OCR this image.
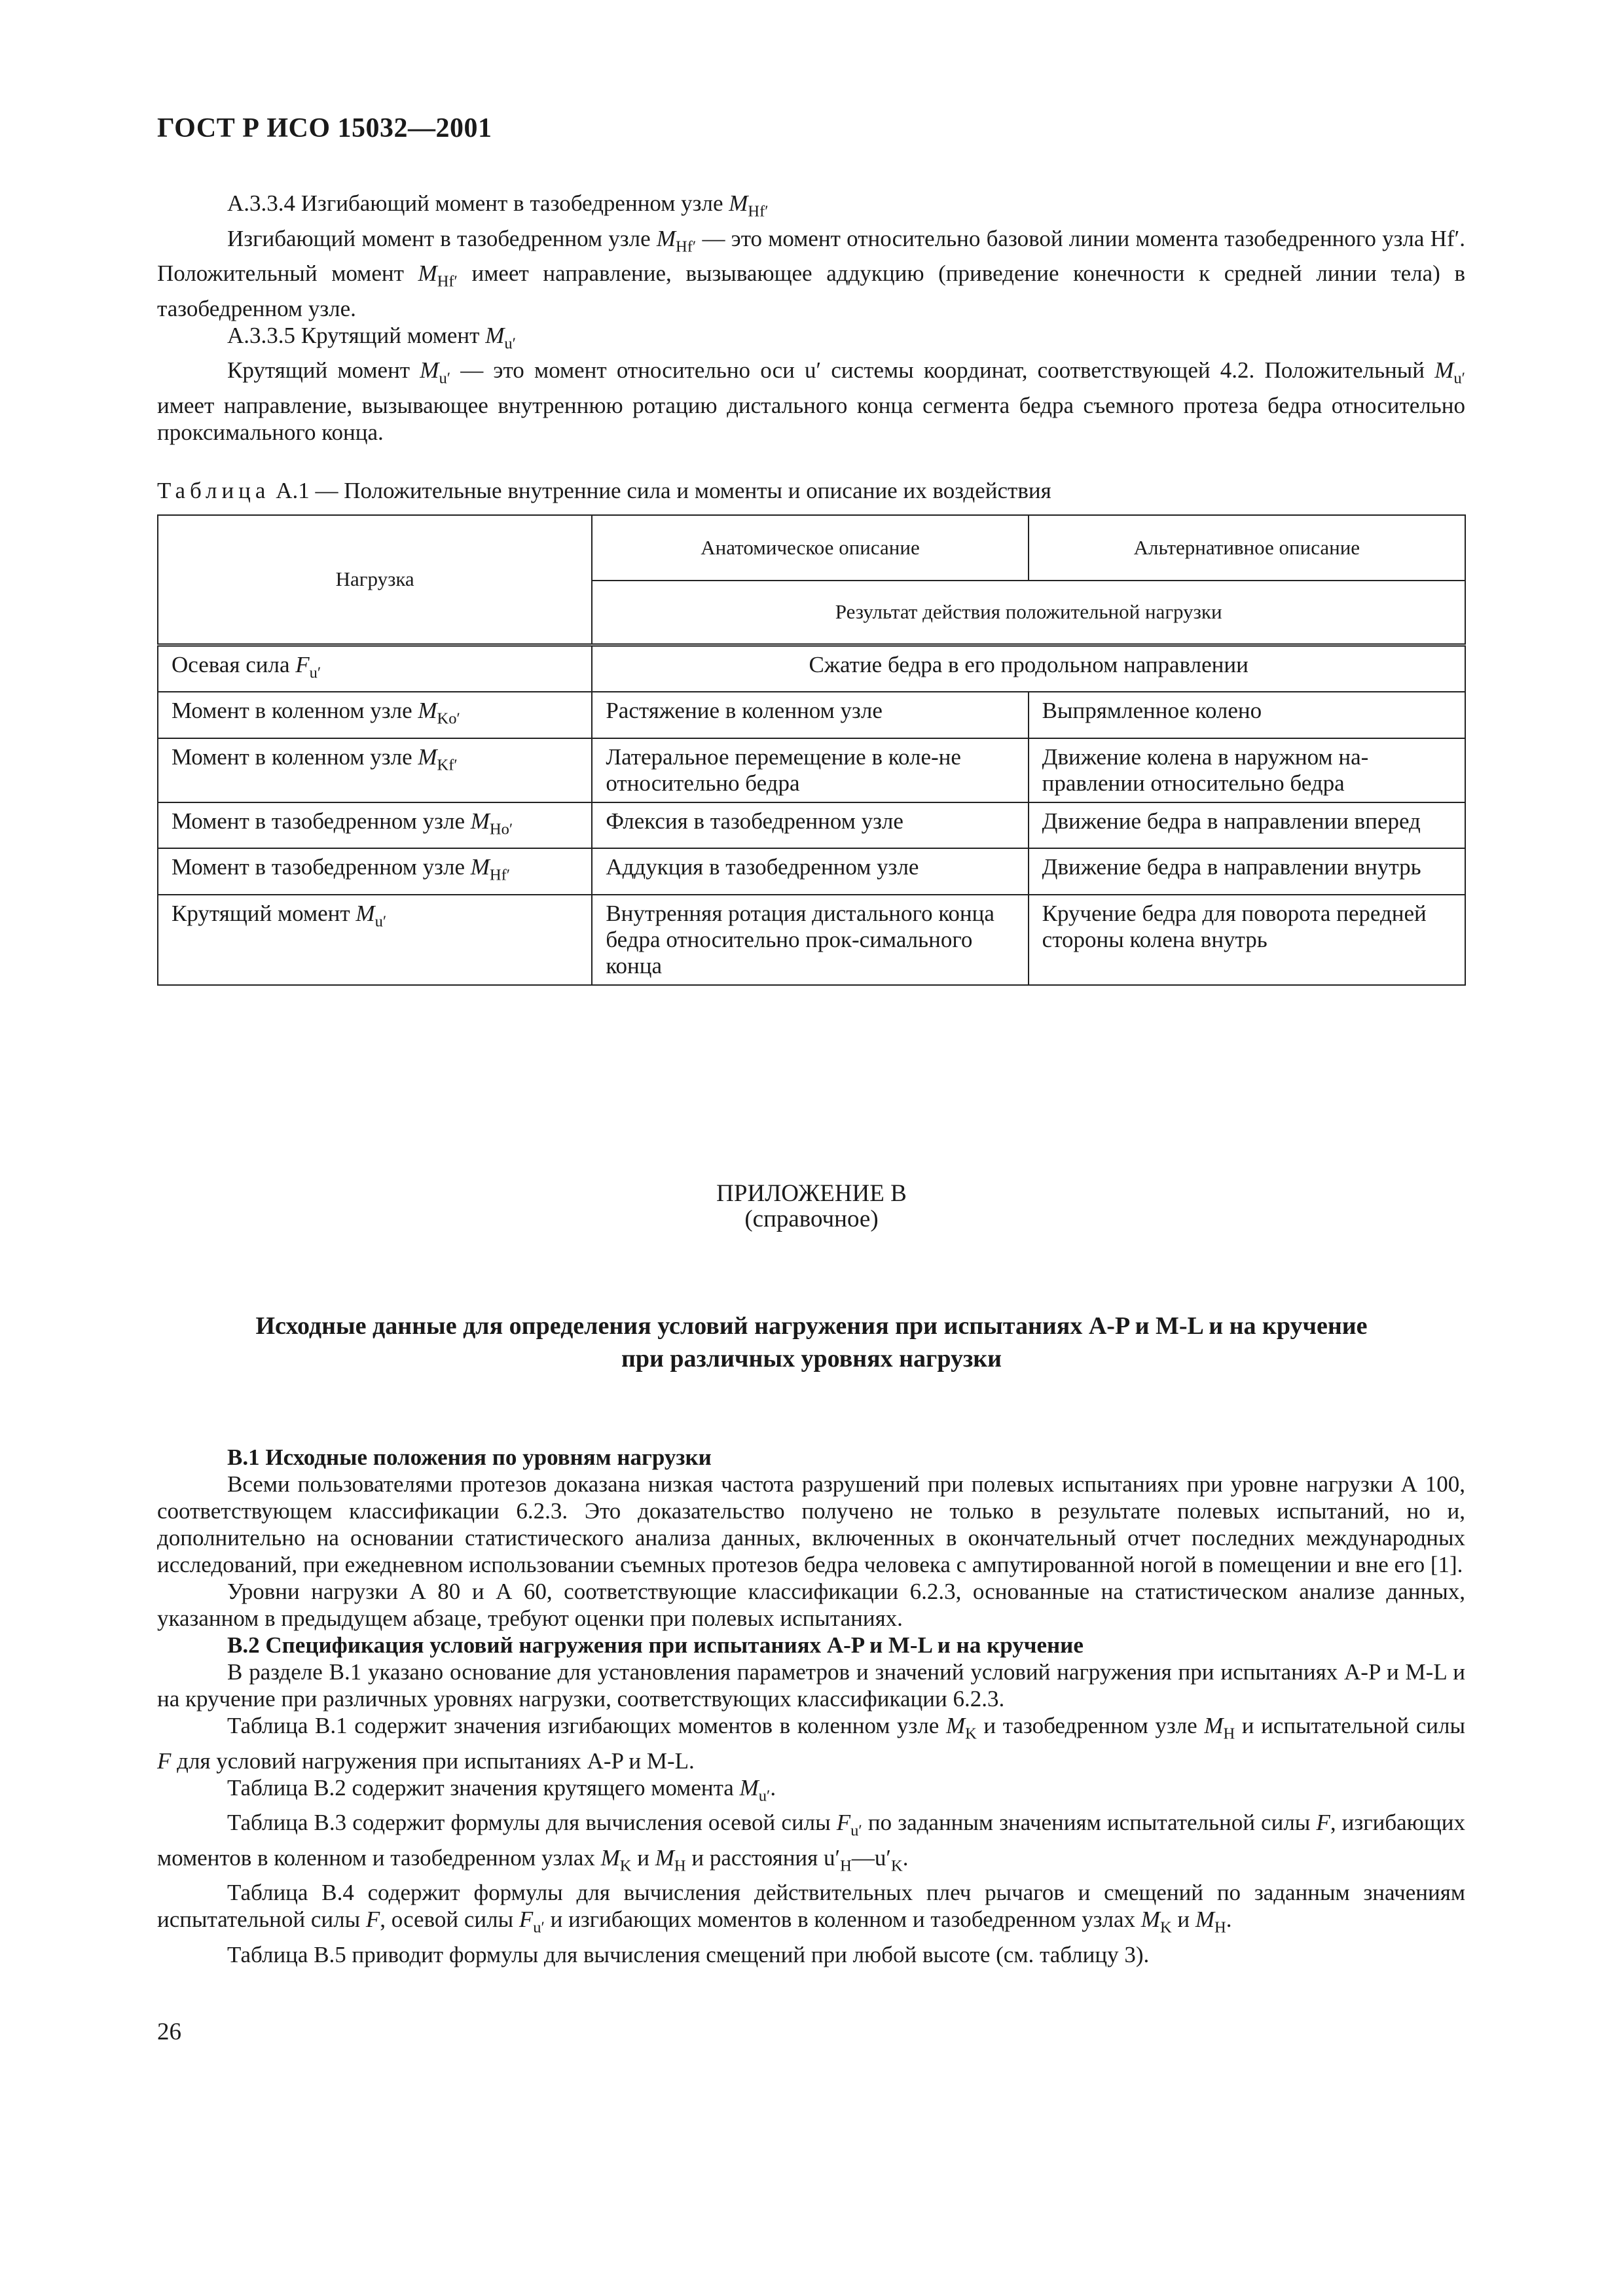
ГОСТ Р ИСО 15032—2001

A.3.3.4 Изгибающий момент в тазобедренном узле $M_{Hf'}$

Изгибающий момент в тазобедренном узле $M_{Hf'}$ — это момент относительно базовой линии момента тазобедренного узла Hf′. Положительный момент $M_{Hf'}$ имеет направление, вызывающее аддукцию (приведение конечности к средней линии тела) в тазобедренном узле.

A.3.3.5 Крутящий момент $M_{u'}$

Крутящий момент $M_{u'}$ — это момент относительно оси u′ системы координат, соответствующей 4.2. Положительный $M_{u'}$ имеет направление, вызывающее внутреннюю ротацию дистального конца сегмента бедра съемного протеза бедра относительно проксимального конца.

Таблица А.1 — Положительные внутренние сила и моменты и описание их воздействия
Нагрузка	Анатомическое описание	Альтернативное описание
	Результат действия положительной нагрузки	
Осевая сила $F_{u'}$	Сжатие бедра в его продольном направлении	
Момент в коленном узле $M_{Ko'}$	Растяжение в коленном узле	Выпрямленное колено
Момент в коленном узле $M_{Kf'}$	Латеральное перемещение в коле-не относительно бедра	Движение колена в наружном на-правлении относительно бедра
Момент в тазобедренном узле $M_{Ho'}$	Флексия в тазобедренном узле	Движение бедра в направлении вперед
Момент в тазобедренном узле $M_{Hf'}$	Аддукция в тазобедренном узле	Движение бедра в направлении внутрь
Крутящий момент $M_{u'}$	Внутренняя ротация дистального конца бедра относительно прок-симального конца	Кручение бедра для поворота передней стороны колена внутрь
ПРИЛОЖЕНИЕ В
(справочное)
Исходные данные для определения условий нагружения при испытаниях A-P и M-L и на кручение
при различных уровнях нагрузки

В.1 Исходные положения по уровням нагрузки

Всеми пользователями протезов доказана низкая частота разрушений при полевых испытаниях при уровне нагрузки А 100, соответствующем классификации 6.2.3. Это доказательство получено не только в результате полевых испытаний, но и, дополнительно на основании статистического анализа данных, включенных в окончательный отчет последних международных исследований, при ежедневном использовании съемных протезов бедра человека с ампутированной ногой в помещении и вне его [1].

Уровни нагрузки А 80 и А 60, соответствующие классификации 6.2.3, основанные на статистическом анализе данных, указанном в предыдущем абзаце, требуют оценки при полевых испытаниях.

В.2 Спецификация условий нагружения при испытаниях A-P и M-L и на кручение

В разделе В.1 указано основание для установления параметров и значений условий нагружения при испытаниях A-P и M-L и на кручение при различных уровнях нагрузки, соответствующих классификации 6.2.3.

Таблица В.1 содержит значения изгибающих моментов в коленном узле $M_K$ и тазобедренном узле $M_H$ и испытательной силы F для условий нагружения при испытаниях A-P и M-L.

Таблица В.2 содержит значения крутящего момента $M_{u'}$.

Таблица В.3 содержит формулы для вычисления осевой силы $F_{u'}$ по заданным значениям испытательной силы F, изгибающих моментов в коленном и тазобедренном узлах $M_K$ и $M_H$ и расстояния $u'_H—u'_K$.

Таблица В.4 содержит формулы для вычисления действительных плеч рычагов и смещений по заданным значениям испытательной силы F, осевой силы $F_{u'}$ и изгибающих моментов в коленном и тазобедренном узлах $M_K$ и $M_H$.

Таблица В.5 приводит формулы для вычисления смещений при любой высоте (см. таблицу 3).

26
